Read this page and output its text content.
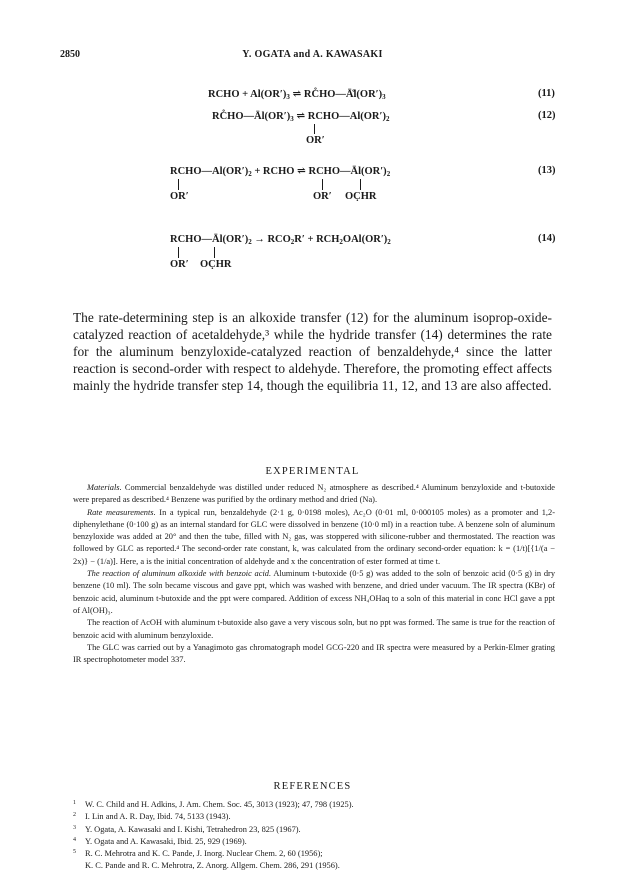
2850	Y. OGATA and A. KAWASAKI
RCHO + $Al(OR')_3$ ⇌ $RC̊HO—Ā̊l(OR')_3$	(11)
$RC̊HO—Āl(OR')_3$ ⇌ $RCHO—Al(OR')_2$
OR′
(12)
$RCHO—Al(OR')_2$ + RCHO ⇌ $RCHO—Āl(OR')_2$
OR′	OR′ OC̣HR
(13)
$RCHO—Āl(OR')_2 \to RCO_2R' + RCH_2OAl(OR')_2$
OR′ OC̣HR
(14)
The rate-determining step is an alkoxide transfer (12) for the aluminum isoprop-oxide-catalyzed reaction of acetaldehyde,³ while the hydride transfer (14) determines the rate for the aluminum benzyloxide-catalyzed reaction of benzaldehyde,⁴ since the latter reaction is second-order with respect to aldehyde. Therefore, the promoting effect affects mainly the hydride transfer step 14, though the equilibria 11, 12, and 13 are also affected.
EXPERIMENTAL

Materials. Commercial benzaldehyde was distilled under reduced N₂ atmosphere as described.⁴ Aluminum benzyloxide and t-butoxide were prepared as described.⁴ Benzene was purified by the ordinary method and dried (Na).

Rate measurements. In a typical run, benzaldehyde (2·1 g, 0·0198 moles), Ac₂O (0·01 ml, 0·000105 moles) as a promoter and 1,2-diphenylethane (0·100 g) as an internal standard for GLC were dissolved in benzene (10·0 ml) in a reaction tube. A benzene soln of aluminum benzyloxide was added at 20° and then the tube, filled with N₂ gas, was stoppered with silicone-rubber and thermostated. The reaction was followed by GLC as reported.⁴ The second-order rate constant, k, was calculated from the ordinary second-order equation: k = (1/t)[{1/(a − 2x)} − (1/a)]. Here, a is the initial concentration of aldehyde and x the concentration of ester formed at time t.

The reaction of aluminum alkoxide with benzoic acid. Aluminum t-butoxide (0·5 g) was added to the soln of benzoic acid (0·5 g) in dry benzene (10 ml). The soln became viscous and gave ppt, which was washed with benzene, and dried under vacuum. The IR spectra (KBr) of benzoic acid, aluminum t-butoxide and the ppt were compared. Addition of excess NH₄OHaq to a soln of this material in conc HCl gave a ppt of Al(OH)₃.

The reaction of AcOH with aluminum t-butoxide also gave a very viscous soln, but no ppt was formed. The same is true for the reaction of benzoic acid with aluminum benzyloxide.

The GLC was carried out by a Yanagimoto gas chromatograph model GCG-220 and IR spectra were measured by a Perkin-Elmer grating IR spectrophotometer model 337.

REFERENCES
1	W. C. Child and H. Adkins, J. Am. Chem. Soc. 45, 3013 (1923); 47, 798 (1925).
2	I. Lin and A. R. Day, Ibid. 74, 5133 (1943).
3	Y. Ogata, A. Kawasaki and I. Kishi, Tetrahedron 23, 825 (1967).
4	Y. Ogata and A. Kawasaki, Ibid. 25, 929 (1969).
5	R. C. Mehrotra and K. C. Pande, J. Inorg. Nuclear Chem. 2, 60 (1956);
K. C. Pande and R. C. Mehrotra, Z. Anorg. Allgem. Chem. 286, 291 (1956).
